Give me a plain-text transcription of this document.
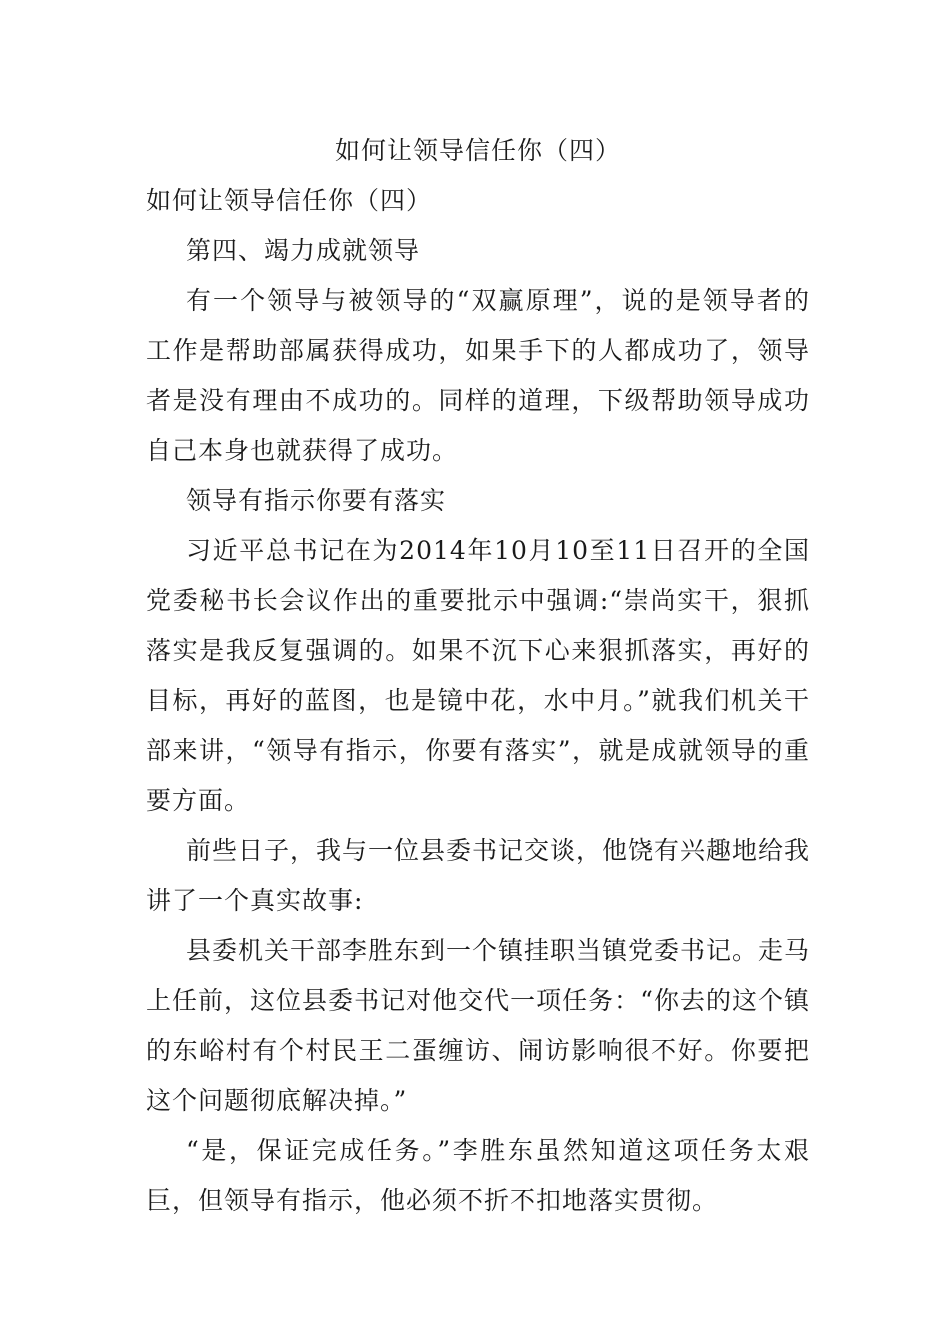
如何让领导信任你（四）

如何让领导信任你（四）

第四、竭力成就领导

有一个领导与被领导的“双赢原理”，说的是领导者的工作是帮助部属获得成功，如果手下的人都成功了，领导者是没有理由不成功的。同样的道理，下级帮助领导成功自己本身也就获得了成功。

领导有指示你要有落实

习近平总书记在为2014年10月10至11日召开的全国党委秘书长会议作出的重要批示中强调:“崇尚实干，狠抓落实是我反复强调的。如果不沉下心来狠抓落实，再好的目标，再好的蓝图，也是镜中花，水中月。”就我们机关干部来讲，“领导有指示，你要有落实”，就是成就领导的重要方面。

前些日子，我与一位县委书记交谈，他饶有兴趣地给我讲了一个真实故事:

县委机关干部李胜东到一个镇挂职当镇党委书记。走马上任前，这位县委书记对他交代一项任务：“你去的这个镇的东峪村有个村民王二蛋缠访、闹访影响很不好。你要把这个问题彻底解决掉。”

“是，保证完成任务。”李胜东虽然知道这项任务太艰巨，但领导有指示，他必须不折不扣地落实贯彻。
